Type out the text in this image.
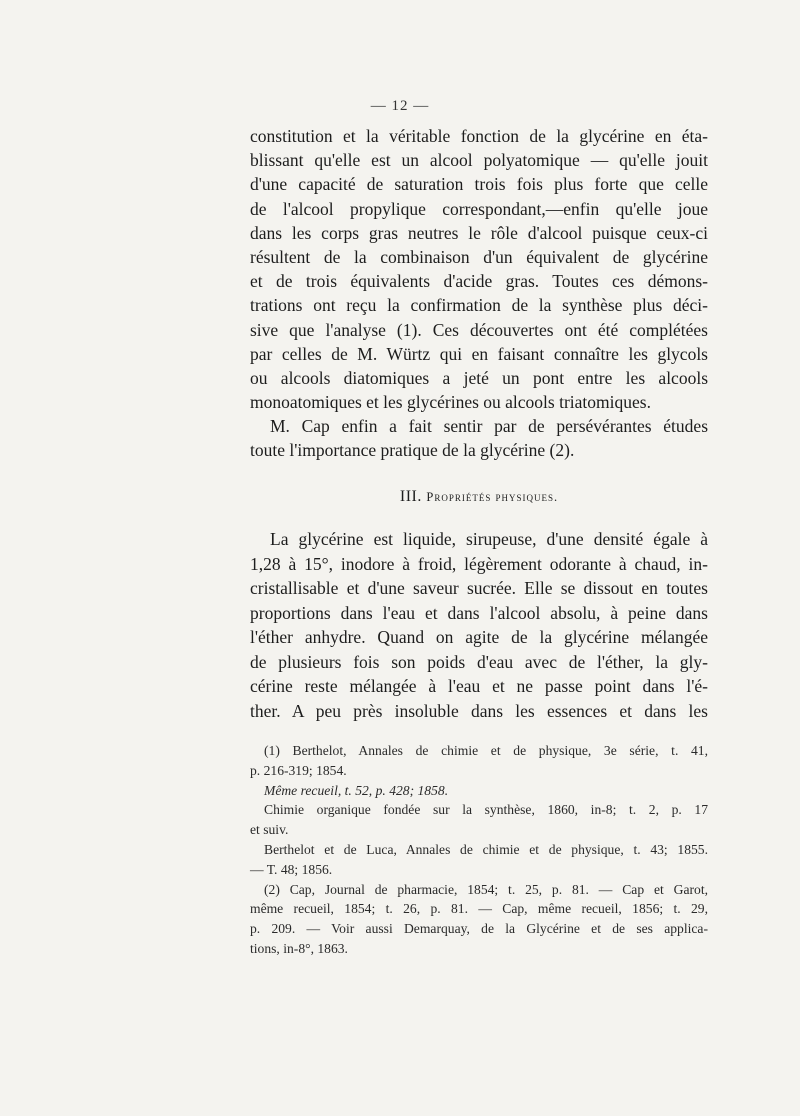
— 12 —
constitution et la véritable fonction de la glycérine en éta-
blissant qu'elle est un alcool polyatomique — qu'elle jouit
d'une capacité de saturation trois fois plus forte que celle
de l'alcool propylique correspondant,—enfin qu'elle joue
dans les corps gras neutres le rôle d'alcool puisque ceux-ci
résultent de la combinaison d'un équivalent de glycérine
et de trois équivalents d'acide gras. Toutes ces démons-
trations ont reçu la confirmation de la synthèse plus déci-
sive que l'analyse (1). Ces découvertes ont été complétées
par celles de M. Würtz qui en faisant connaître les glycols
ou alcools diatomiques a jeté un pont entre les alcools
monoatomiques et les glycérines ou alcools triatomiques.
M. Cap enfin a fait sentir par de persévérantes études
toute l'importance pratique de la glycérine (2).
III. Propriétés physiques.
La glycérine est liquide, sirupeuse, d'une densité égale à
1,28 à 15°, inodore à froid, légèrement odorante à chaud, in-
cristallisable et d'une saveur sucrée. Elle se dissout en toutes
proportions dans l'eau et dans l'alcool absolu, à peine dans
l'éther anhydre. Quand on agite de la glycérine mélangée
de plusieurs fois son poids d'eau avec de l'éther, la gly-
cérine reste mélangée à l'eau et ne passe point dans l'é-
ther. A peu près insoluble dans les essences et dans les
(1) Berthelot, Annales de chimie et de physique, 3e série, t. 41,
p. 216-319; 1854.
Même recueil, t. 52, p. 428; 1858.
Chimie organique fondée sur la synthèse, 1860, in-8; t. 2, p. 17
et suiv.
Berthelot et de Luca, Annales de chimie et de physique, t. 43; 1855.
— T. 48; 1856.
(2) Cap, Journal de pharmacie, 1854; t. 25, p. 81. — Cap et Garot,
même recueil, 1854; t. 26, p. 81. — Cap, même recueil, 1856; t. 29,
p. 209. — Voir aussi Demarquay, de la Glycérine et de ses applica-
tions, in-8°, 1863.
